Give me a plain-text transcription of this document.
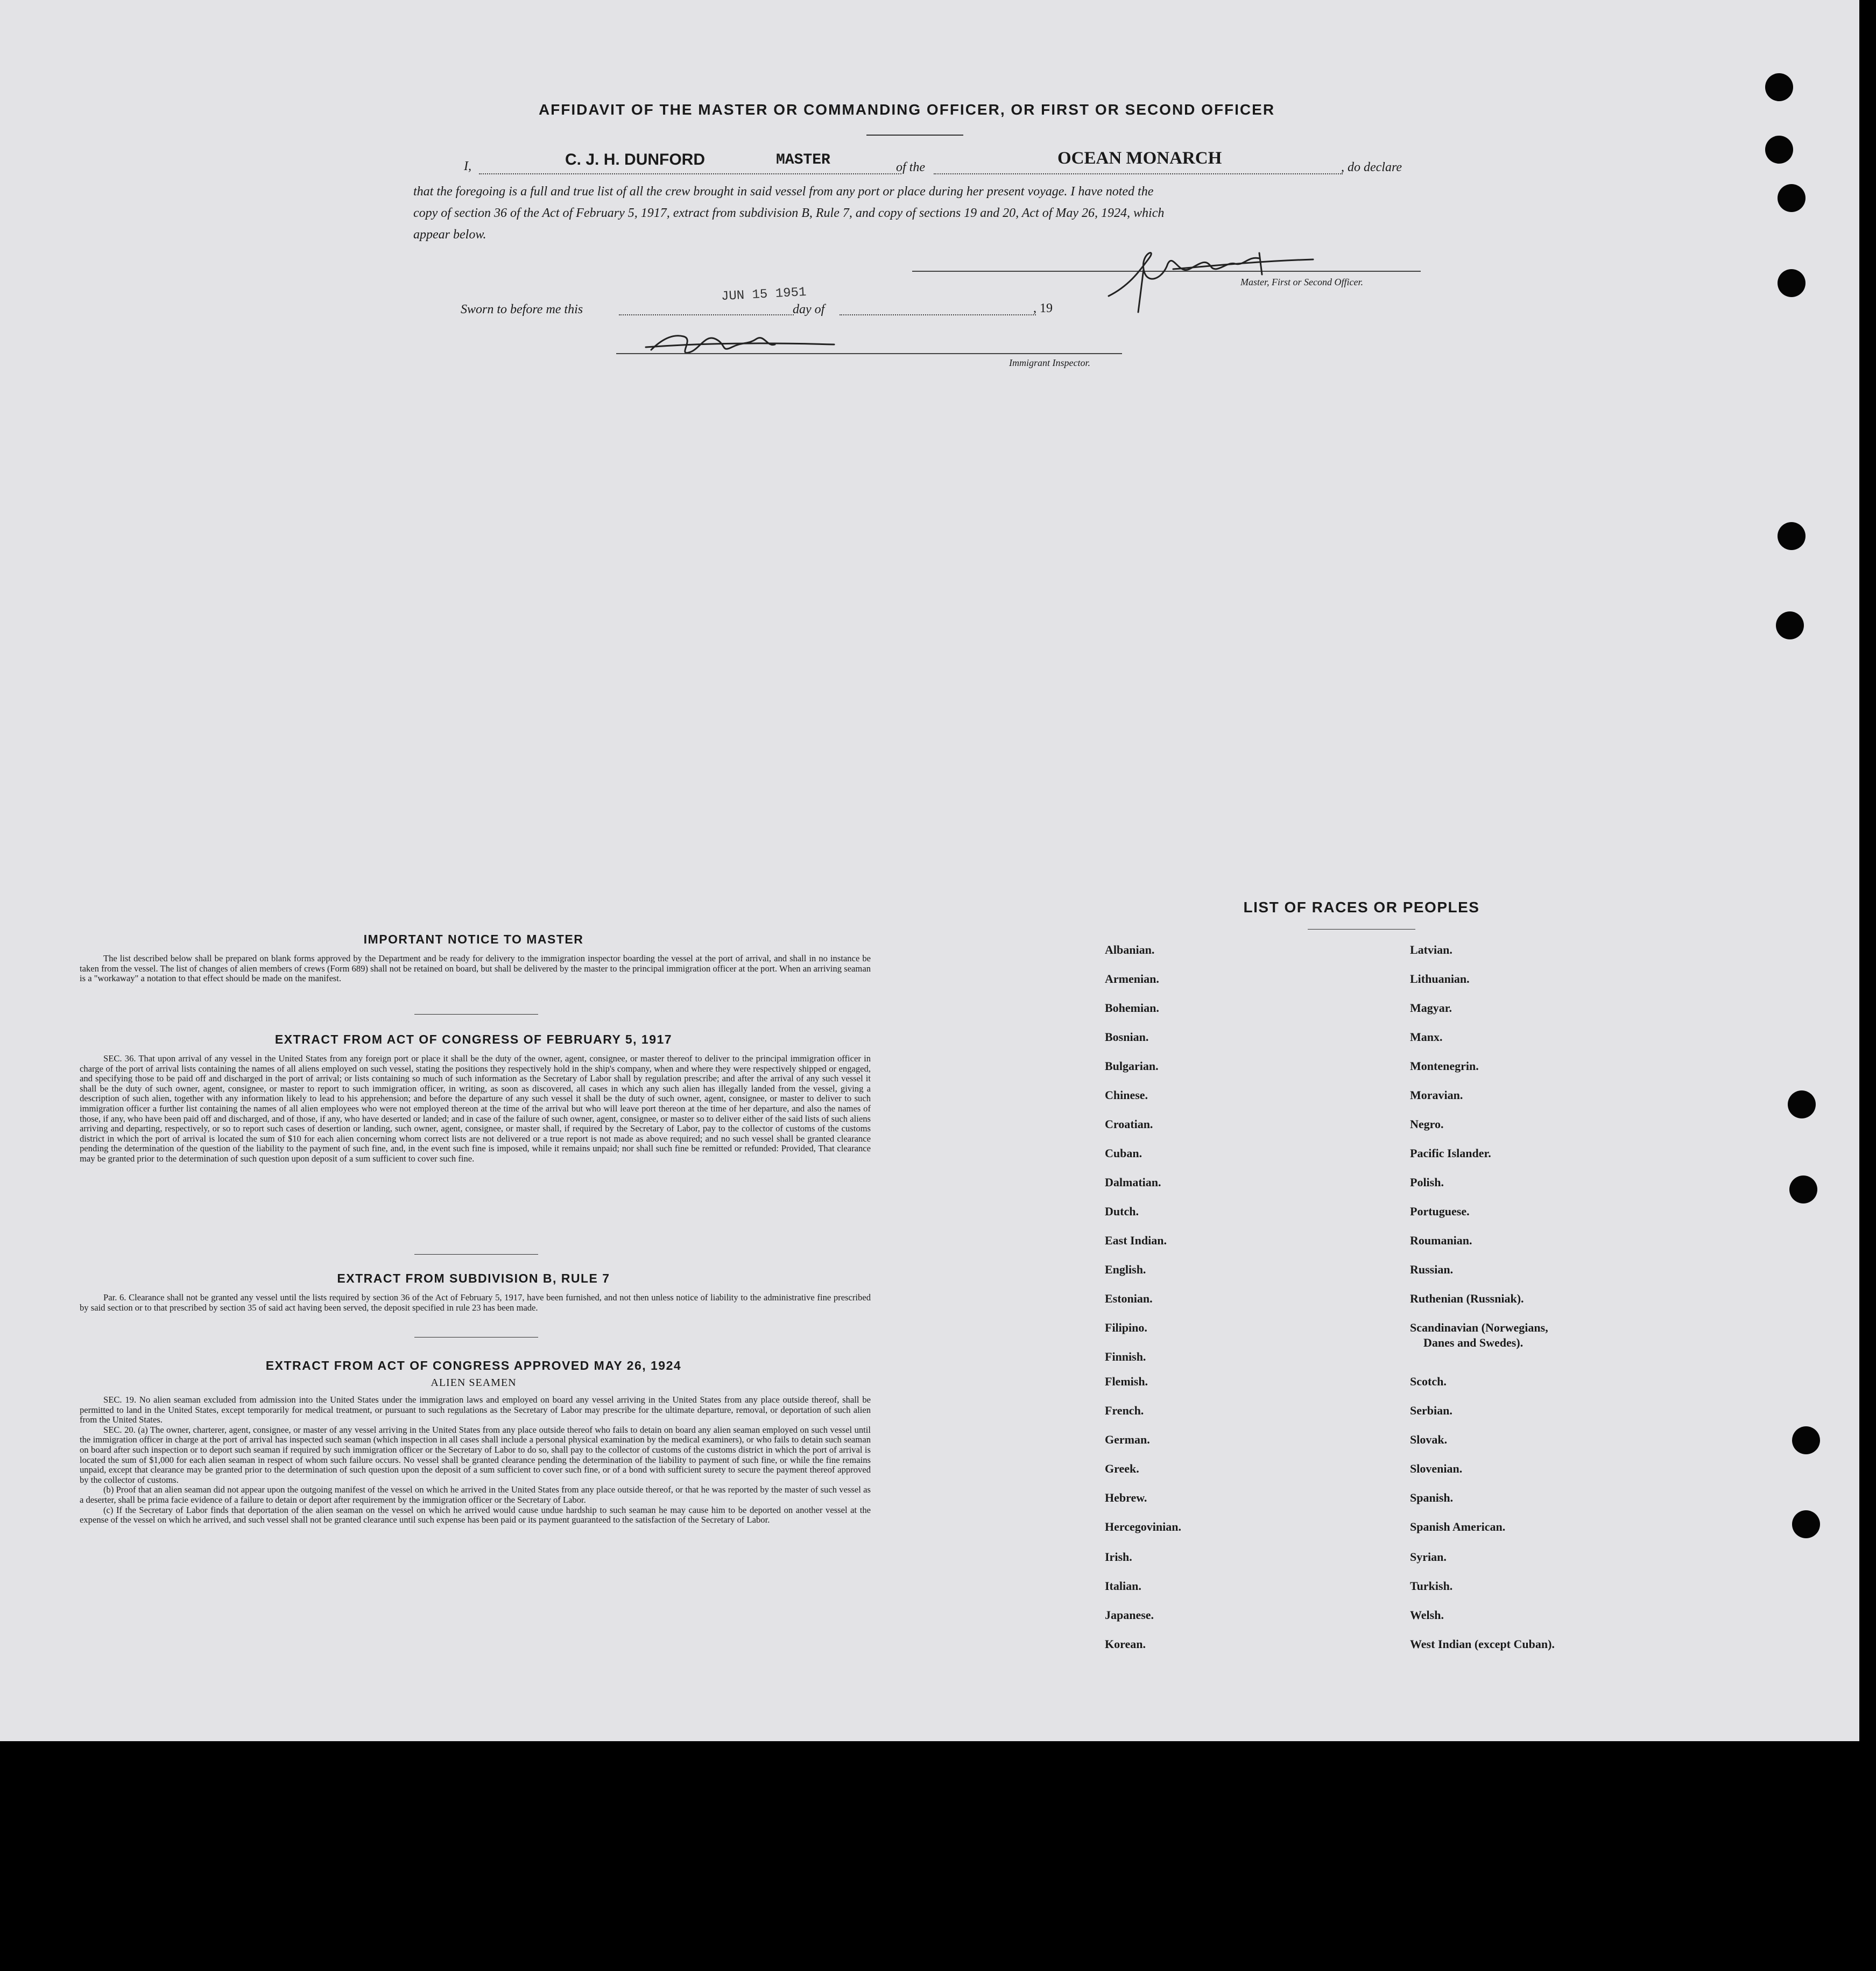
AFFIDAVIT OF THE MASTER OR COMMANDING OFFICER, OR FIRST OR SECOND OFFICER
I,	C. J. H. DUNFORD	MASTER	of the	OCEAN MONARCH	, do declare
that the foregoing is a full and true list of all the crew brought in said vessel from any port or place during her present voyage. I have noted the
copy of section 36 of the Act of February 5, 1917, extract from subdivision B, Rule 7, and copy of sections 19 and 20, Act of May 26, 1924, which
appear below.
Master, First or Second Officer.
Sworn to before me this
JUN 15 1951
day of	, 19
Immigrant Inspector.
IMPORTANT NOTICE TO MASTER

The list described below shall be prepared on blank forms approved by the Department and be ready for delivery to the immigration inspector boarding the vessel at the port of arrival, and shall in no instance be taken from the vessel. The list of changes of alien members of crews (Form 689) shall not be retained on board, but shall be delivered by the master to the principal immigration officer at the port. When an arriving seaman is a "workaway" a notation to that effect should be made on the manifest.

EXTRACT FROM ACT OF CONGRESS OF FEBRUARY 5, 1917

SEC. 36. That upon arrival of any vessel in the United States from any foreign port or place it shall be the duty of the owner, agent, consignee, or master thereof to deliver to the principal immigration officer in charge of the port of arrival lists containing the names of all aliens employed on such vessel, stating the positions they respectively hold in the ship's company, when and where they were respectively shipped or engaged, and specifying those to be paid off and discharged in the port of arrival; or lists containing so much of such information as the Secretary of Labor shall by regulation prescribe; and after the arrival of any such vessel it shall be the duty of such owner, agent, consignee, or master to report to such immigration officer, in writing, as soon as discovered, all cases in which any such alien has illegally landed from the vessel, giving a description of such alien, together with any information likely to lead to his apprehension; and before the departure of any such vessel it shall be the duty of such owner, agent, consignee, or master to deliver to such immigration officer a further list containing the names of all alien employees who were not employed thereon at the time of the arrival but who will leave port thereon at the time of her departure, and also the names of those, if any, who have been paid off and discharged, and of those, if any, who have deserted or landed; and in case of the failure of such owner, agent, consignee, or master so to deliver either of the said lists of such aliens arriving and departing, respectively, or so to report such cases of desertion or landing, such owner, agent, consignee, or master shall, if required by the Secretary of Labor, pay to the collector of customs of the customs district in which the port of arrival is located the sum of $10 for each alien concerning whom correct lists are not delivered or a true report is not made as above required; and no such vessel shall be granted clearance pending the determination of the question of the liability to the payment of such fine, and, in the event such fine is imposed, while it remains unpaid; nor shall such fine be remitted or refunded: Provided, That clearance may be granted prior to the determination of such question upon deposit of a sum sufficient to cover such fine.

EXTRACT FROM SUBDIVISION B, RULE 7

Par. 6. Clearance shall not be granted any vessel until the lists required by section 36 of the Act of February 5, 1917, have been furnished, and not then unless notice of liability to the administrative fine prescribed by said section or to that prescribed by section 35 of said act having been served, the deposit specified in rule 23 has been made.

EXTRACT FROM ACT OF CONGRESS APPROVED MAY 26, 1924
ALIEN SEAMEN

SEC. 19. No alien seaman excluded from admission into the United States under the immigration laws and employed on board any vessel arriving in the United States from any place outside thereof, shall be permitted to land in the United States, except temporarily for medical treatment, or pursuant to such regulations as the Secretary of Labor may prescribe for the ultimate departure, removal, or deportation of such alien from the United States.

SEC. 20. (a) The owner, charterer, agent, consignee, or master of any vessel arriving in the United States from any place outside thereof who fails to detain on board any alien seaman employed on such vessel until the immigration officer in charge at the port of arrival has inspected such seaman (which inspection in all cases shall include a personal physical examination by the medical examiners), or who fails to detain such seaman on board after such inspection or to deport such seaman if required by such immigration officer or the Secretary of Labor to do so, shall pay to the collector of customs of the customs district in which the port of arrival is located the sum of $1,000 for each alien seaman in respect of whom such failure occurs. No vessel shall be granted clearance pending the determination of the liability to payment of such fine, or while the fine remains unpaid, except that clearance may be granted prior to the determination of such question upon the deposit of a sum sufficient to cover such fine, or of a bond with sufficient surety to secure the payment thereof approved by the collector of customs.

(b) Proof that an alien seaman did not appear upon the outgoing manifest of the vessel on which he arrived in the United States from any place outside thereof, or that he was reported by the master of such vessel as a deserter, shall be prima facie evidence of a failure to detain or deport after requirement by the immigration officer or the Secretary of Labor.

(c) If the Secretary of Labor finds that deportation of the alien seaman on the vessel on which he arrived would cause undue hardship to such seaman he may cause him to be deported on another vessel at the expense of the vessel on which he arrived, and such vessel shall not be granted clearance until such expense has been paid or its payment guaranteed to the satisfaction of the Secretary of Labor.

LIST OF RACES OR PEOPLES
Albanian.
Armenian.
Bohemian.
Bosnian.
Bulgarian.
Chinese.
Croatian.
Cuban.
Dalmatian.
Dutch.
East Indian.
English.
Estonian.
Filipino.
Finnish.
Flemish.
French.
German.
Greek.
Hebrew.
Hercegovinian.
Irish.
Italian.
Japanese.
Korean.
Latvian.
Lithuanian.
Magyar.
Manx.
Montenegrin.
Moravian.
Negro.
Pacific Islander.
Polish.
Portuguese.
Roumanian.
Russian.
Ruthenian (Russniak).
Scandinavian (Norwegians,
Danes and Swedes).
Scotch.
Serbian.
Slovak.
Slovenian.
Spanish.
Spanish American.
Syrian.
Turkish.
Welsh.
West Indian (except Cuban).
